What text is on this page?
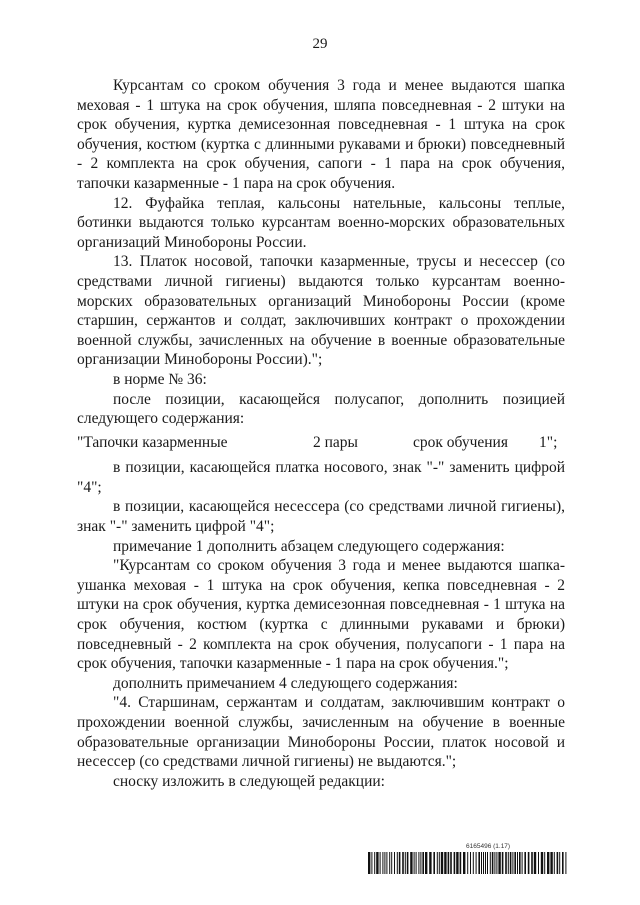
29

Курсантам со сроком обучения 3 года и менее выдаются шапка меховая - 1 штука на срок обучения, шляпа повседневная - 2 штуки на срок обучения, куртка демисезонная повседневная - 1 штука на срок обучения, костюм (куртка с длинными рукавами и брюки) повседневный - 2 комплекта на срок обучения, сапоги - 1 пара на срок обучения, тапочки казарменные - 1 пара на срок обучения.

12. Фуфайка теплая, кальсоны нательные, кальсоны теплые, ботинки выдаются только курсантам военно-морских образовательных организаций Минобороны России.

13. Платок носовой, тапочки казарменные, трусы и несессер (со средствами личной гигиены) выдаются только курсантам военно-морских образовательных организаций Минобороны России (кроме старшин, сержантов и солдат, заключивших контракт о прохождении военной службы, зачисленных на обучение в военные образовательные организации Минобороны России).";

в норме № 36:

после позиции, касающейся полусапог, дополнить позицией следующего содержания:

"Тапочки казарменные	2 пары	срок обучения	1";

в позиции, касающейся платка носового, знак "-" заменить цифрой "4";

в позиции, касающейся несессера (со средствами личной гигиены), знак "-" заменить цифрой "4";

примечание 1 дополнить абзацем следующего содержания:

"Курсантам со сроком обучения 3 года и менее выдаются шапка-ушанка меховая - 1 штука на срок обучения, кепка повседневная - 2 штуки на срок обучения, куртка демисезонная повседневная - 1 штука на срок обучения, костюм (куртка с длинными рукавами и брюки) повседневный - 2 комплекта на срок обучения, полусапоги - 1 пара на срок обучения, тапочки казарменные - 1 пара на срок обучения.";

дополнить примечанием 4 следующего содержания:

"4. Старшинам, сержантам и солдатам, заключившим контракт о прохождении военной службы, зачисленным на обучение в военные образовательные организации Минобороны России, платок носовой и несессер (со средствами личной гигиены) не выдаются.";

сноску изложить в следующей редакции:

6165496 (1.17)
